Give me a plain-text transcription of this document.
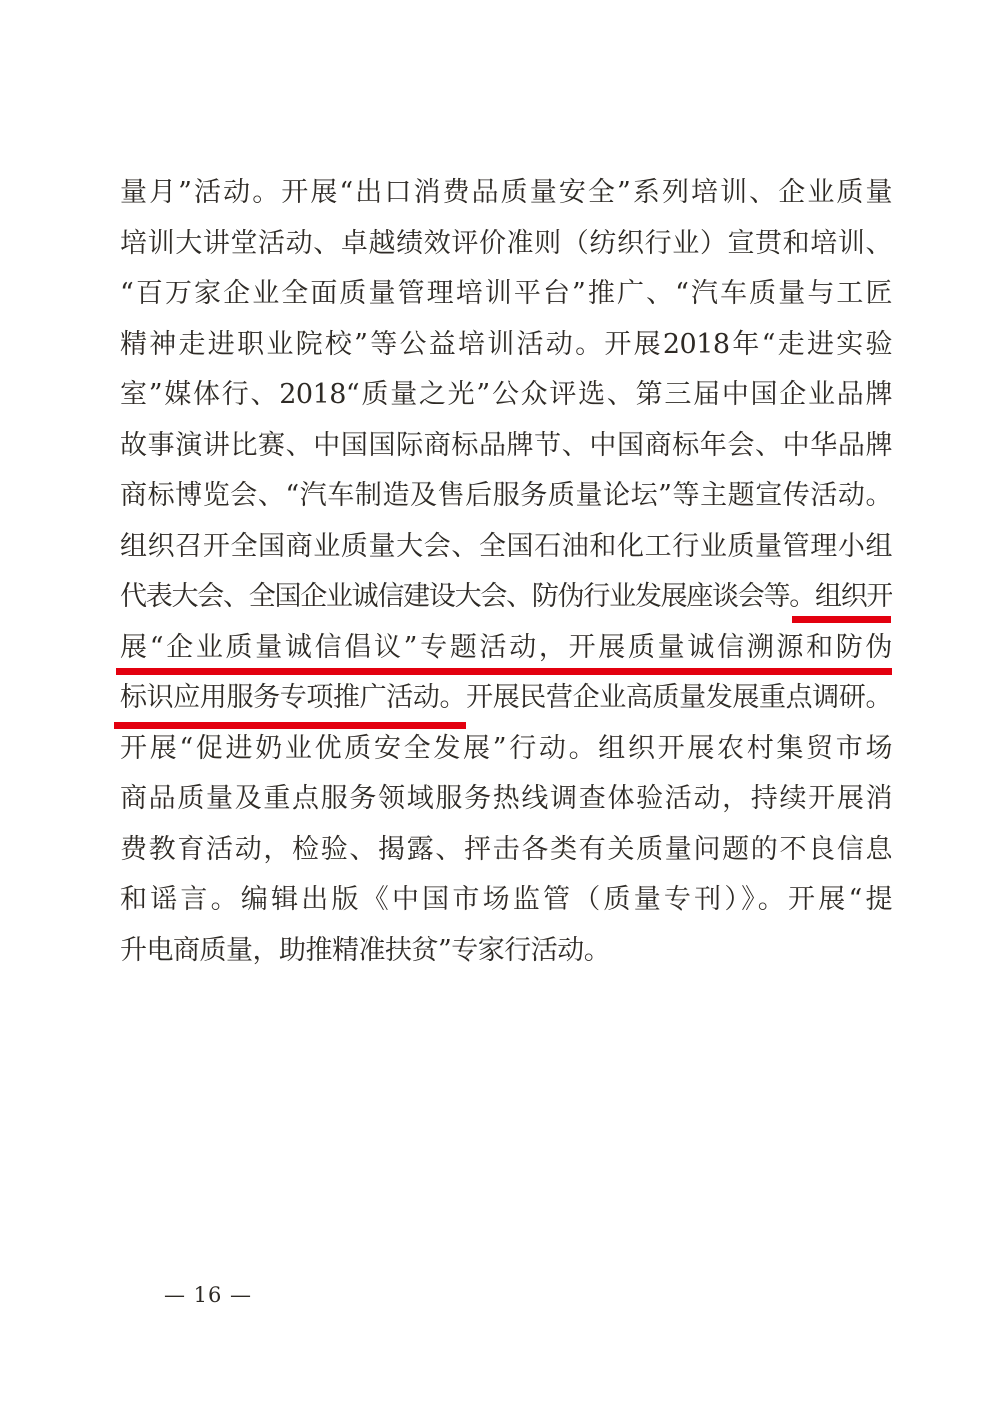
量月”活动。开展“出口消费品质量安全”系列培训、企业质量
培训大讲堂活动、卓越绩效评价准则（纺织行业）宣贯和培训、
“百万家企业全面质量管理培训平台”推广、“汽车质量与工匠
精神走进职业院校”等公益培训活动。开展2018年“走进实验
室”媒体行、2018“质量之光”公众评选、第三届中国企业品牌
故事演讲比赛、中国国际商标品牌节、中国商标年会、中华品牌
商标博览会、“汽车制造及售后服务质量论坛”等主题宣传活动。
组织召开全国商业质量大会、全国石油和化工行业质量管理小组
代表大会、全国企业诚信建设大会、防伪行业发展座谈会等。组织开
展“企业质量诚信倡议”专题活动，开展质量诚信溯源和防伪
标识应用服务专项推广活动。开展民营企业高质量发展重点调研。
开展“促进奶业优质安全发展”行动。组织开展农村集贸市场
商品质量及重点服务领域服务热线调查体验活动，持续开展消
费教育活动，检验、揭露、抨击各类有关质量问题的不良信息
和谣言。编辑出版《中国市场监管（质量专刊）》。开展“提
升电商质量，助推精准扶贫”专家行活动。
— 16 —
